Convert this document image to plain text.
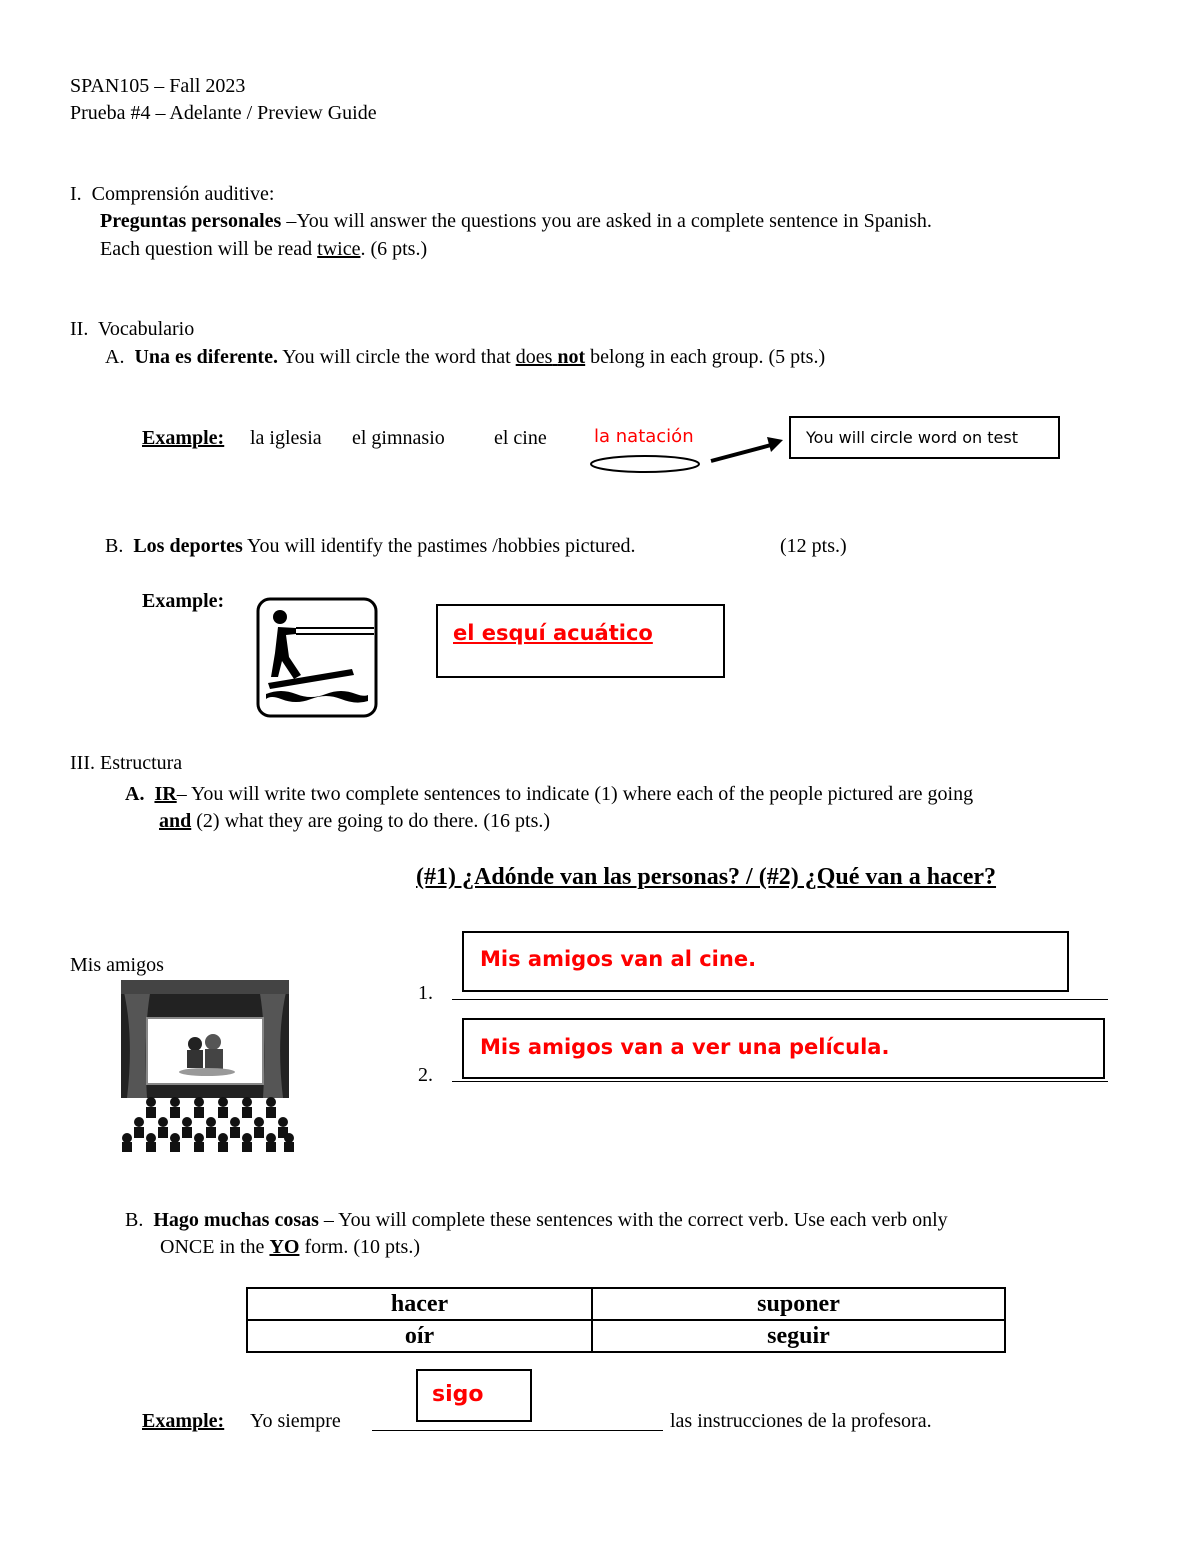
SPAN105 – Fall 2023
Prueba #4 – Adelante / Preview Guide
I. Comprensión auditive:
Preguntas personales –You will answer the questions you are asked in a complete sentence in Spanish.
Each question will be read twice. (6 pts.)
II. Vocabulario
A. Una es diferente. You will circle the word that does not belong in each group. (5 pts.)
Example: la iglesia el gimnasio el cine	la natación	You will circle word on test
B. Los deportes You will identify the pastimes /hobbies pictured.	(12 pts.)
Example:
el esquí acuático
III. Estructura
A. IR– You will write two complete sentences to indicate (1) where each of the people pictured are going
and (2) what they are going to do there. (16 pts.)
(#1) ¿Adónde van las personas? / (#2) ¿Qué van a hacer?
Mis amigos
1.
Mis amigos van al cine.
2.
Mis amigos van a ver una película.
B. Hago muchas cosas – You will complete these sentences with the correct verb. Use each verb only
ONCE in the YO form. (10 pts.)
hacer	suponer
oír	seguir
Example: Yo siempre	las instrucciones de la profesora.
sigo
